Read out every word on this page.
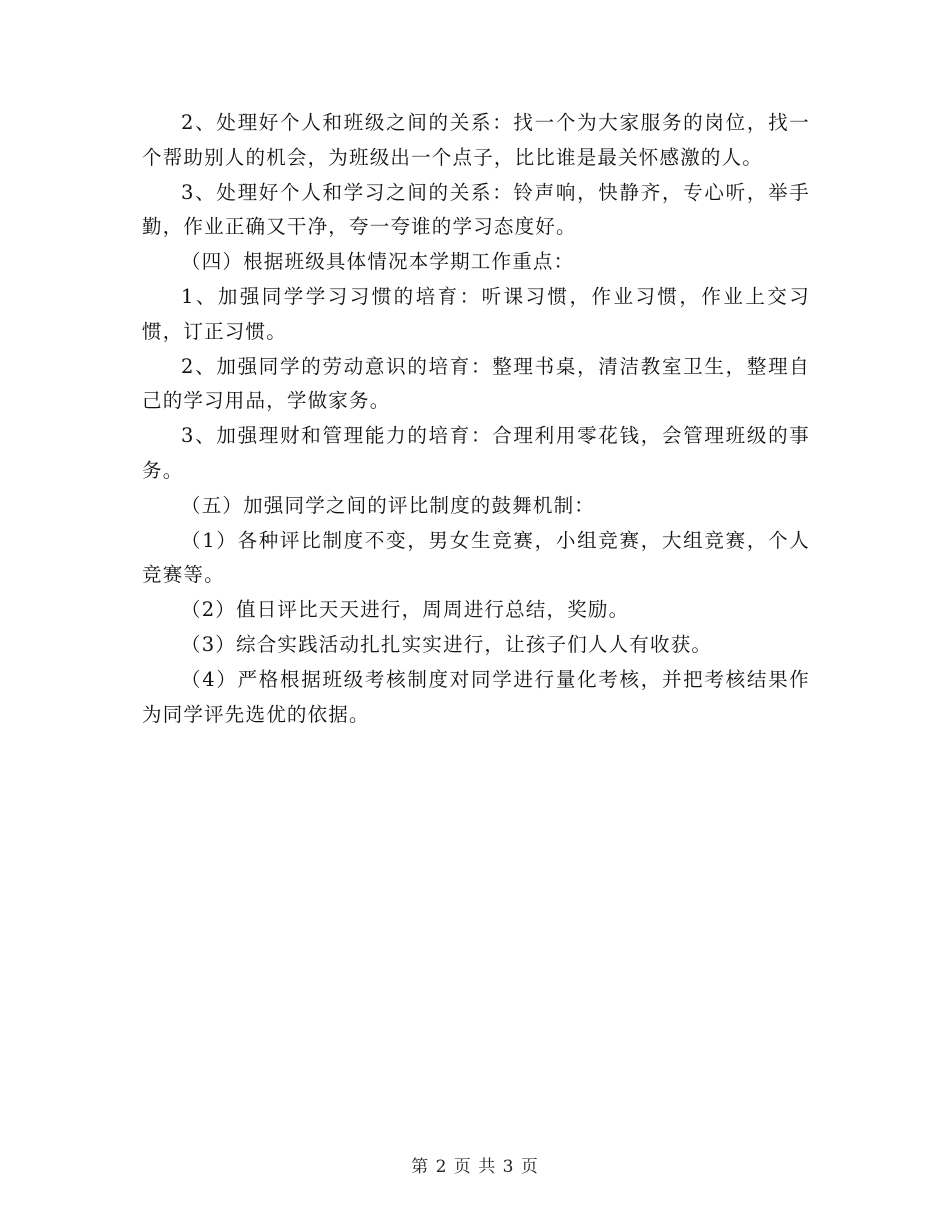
2、处理好个人和班级之间的关系：找一个为大家服务的岗位，找一个帮助别人的机会，为班级出一个点子，比比谁是最关怀感激的人。

3、处理好个人和学习之间的关系：铃声响，快静齐，专心听，举手勤，作业正确又干净，夸一夸谁的学习态度好。

（四）根据班级具体情况本学期工作重点：

1、加强同学学习习惯的培育：听课习惯，作业习惯，作业上交习惯，订正习惯。

2、加强同学的劳动意识的培育：整理书桌，清洁教室卫生，整理自己的学习用品，学做家务。

3、加强理财和管理能力的培育：合理利用零花钱，会管理班级的事务。

（五）加强同学之间的评比制度的鼓舞机制：

（1）各种评比制度不变，男女生竞赛，小组竞赛，大组竞赛，个人竞赛等。

（2）值日评比天天进行，周周进行总结，奖励。

（3）综合实践活动扎扎实实进行，让孩子们人人有收获。

（4）严格根据班级考核制度对同学进行量化考核，并把考核结果作为同学评先选优的依据。

第 2 页 共 3 页
